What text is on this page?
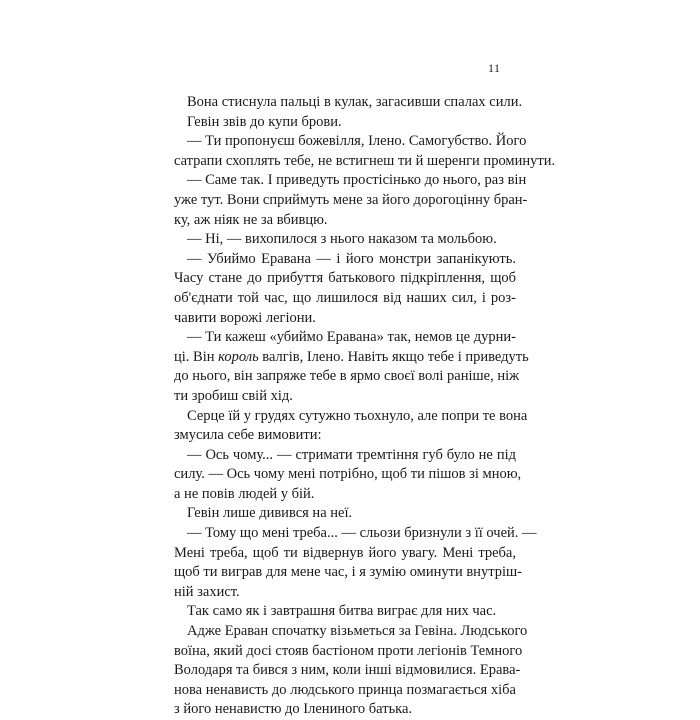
11
Вона стиснула пальці в кулак, загасивши спалах сили.
Гевін звів до купи брови.
— Ти пропонуєш божевілля, Ілено. Самогубство. Його
сатрапи схоплять тебе, не встигнеш ти й шеренги проминути.
— Саме так. І приведуть простісінько до нього, раз він
уже тут. Вони сприймуть мене за його дорогоцінну бран-
ку, аж ніяк не за вбивцю.
— Ні, — вихопилося з нього наказом та мольбою.
— Убиймо Еравана — і його монстри запанікують.
Часу стане до прибуття батькового підкріплення, щоб
об'єднати той час, що лишилося від наших сил, і роз-
чавити ворожі легіони.
— Ти кажеш «убиймо Еравана» так, немов це дурни-
ці. Він король валгів, Ілено. Навіть якщо тебе і приведуть
до нього, він запряже тебе в ярмо своєї волі раніше, ніж
ти зробиш свій хід.
Серце їй у грудях сутужно тьохнуло, але попри те вона
змусила себе вимовити:
— Ось чому... — стримати тремтіння губ було не під
силу. — Ось чому мені потрібно, щоб ти пішов зі мною,
а не повів людей у бій.
Гевін лише дивився на неї.
— Тому що мені треба... — сльози бризнули з її очей. —
Мені треба, щоб ти відвернув його увагу. Мені треба,
щоб ти виграв для мене час, і я зумію оминути внутріш-
ній захист.
Так само як і завтрашня битва виграє для них час.
Адже Ераван спочатку візьметься за Гевіна. Людського
воїна, який досі стояв бастіоном проти легіонів Темного
Володаря та бився з ним, коли інші відмовилися. Ерава-
нова ненависть до людського принца позмагається хіба
з його ненавистю до Ілениного батька.
